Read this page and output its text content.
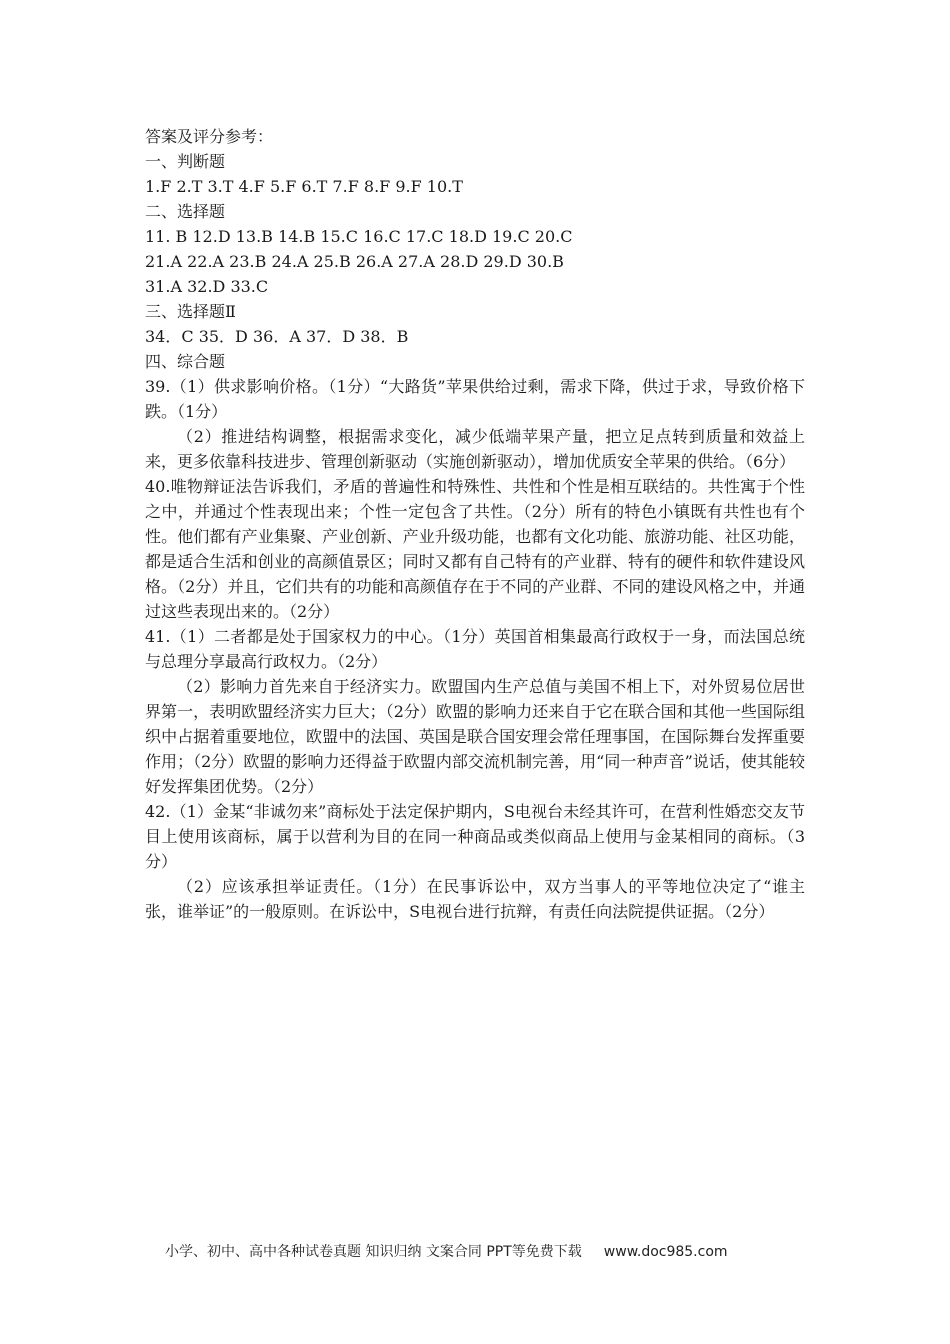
答案及评分参考：

一、判断题

1.F 2.T 3.T 4.F 5.F 6.T 7.F 8.F 9.F 10.T

二、选择题

11. B 12.D 13.B 14.B 15.C 16.C 17.C 18.D 19.C 20.C

21.A 22.A 23.B 24.A 25.B 26.A 27.A 28.D 29.D 30.B

31.A 32.D 33.C

三、选择题Ⅱ

34．C 35．D 36．A 37．D 38．B

四、综合题

39.（1）供求影响价格。（1分）“大路货”苹果供给过剩，需求下降，供过于求，导致价格下跌。（1分）

（2）推进结构调整，根据需求变化，减少低端苹果产量，把立足点转到质量和效益上来，更多依靠科技进步、管理创新驱动（实施创新驱动），增加优质安全苹果的供给。（6分）

40.唯物辩证法告诉我们，矛盾的普遍性和特殊性、共性和个性是相互联结的。共性寓于个性之中，并通过个性表现出来；个性一定包含了共性。（2分）所有的特色小镇既有共性也有个性。他们都有产业集聚、产业创新、产业升级功能，也都有文化功能、旅游功能、社区功能，都是适合生活和创业的高颜值景区；同时又都有自己特有的产业群、特有的硬件和软件建设风格。（2分）并且，它们共有的功能和高颜值存在于不同的产业群、不同的建设风格之中，并通过这些表现出来的。（2分）

41.（1）二者都是处于国家权力的中心。（1分）英国首相集最高行政权于一身，而法国总统与总理分享最高行政权力。（2分）

（2）影响力首先来自于经济实力。欧盟国内生产总值与美国不相上下，对外贸易位居世界第一，表明欧盟经济实力巨大；（2分）欧盟的影响力还来自于它在联合国和其他一些国际组织中占据着重要地位，欧盟中的法国、英国是联合国安理会常任理事国，在国际舞台发挥重要作用；（2分）欧盟的影响力还得益于欧盟内部交流机制完善，用“同一种声音”说话，使其能较好发挥集团优势。（2分）

42.（1）金某“非诚勿来”商标处于法定保护期内，S电视台未经其许可，在营利性婚恋交友节目上使用该商标，属于以营利为目的在同一种商品或类似商品上使用与金某相同的商标。（3分）

（2）应该承担举证责任。（1分）在民事诉讼中，双方当事人的平等地位决定了“谁主张，谁举证”的一般原则。在诉讼中，S电视台进行抗辩，有责任向法院提供证据。（2分）

小学、初中、高中各种试卷真题 知识归纳 文案合同 PPT等免费下载 www.doc985.com
